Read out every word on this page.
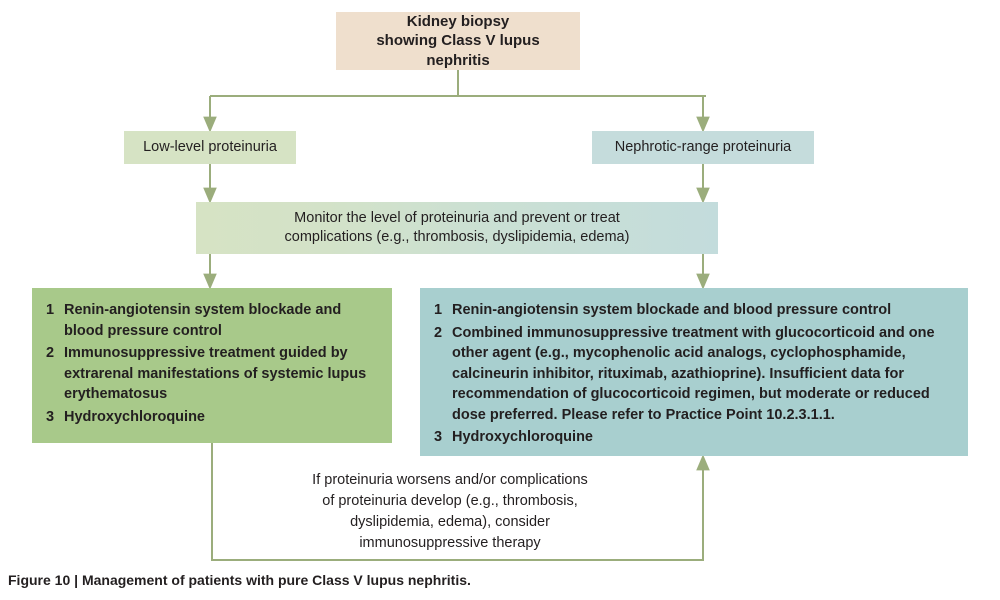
Kidney biopsy
showing Class V lupus nephritis
Low-level proteinuria	Nephrotic-range proteinuria
Monitor the level of proteinuria and prevent or treat
complications (e.g., thrombosis, dyslipidemia, edema)
1 Renin-angiotensin system blockade and blood pressure control
2 Immunosuppressive treatment guided by extrarenal manifestations of systemic lupus erythematosus
3 Hydroxychloroquine
1 Renin-angiotensin system blockade and blood pressure control
2 Combined immunosuppressive treatment with glucocorticoid and one other agent (e.g., mycophenolic acid analogs, cyclophosphamide, calcineurin inhibitor, rituximab, azathioprine). Insufficient data for recommendation of glucocorticoid regimen, but moderate or reduced dose preferred. Please refer to Practice Point 10.2.3.1.1.
3 Hydroxychloroquine
If proteinuria worsens and/or complications
of proteinuria develop (e.g., thrombosis,
dyslipidemia, edema), consider
immunosuppressive therapy
Figure 10 | Management of patients with pure Class V lupus nephritis.
